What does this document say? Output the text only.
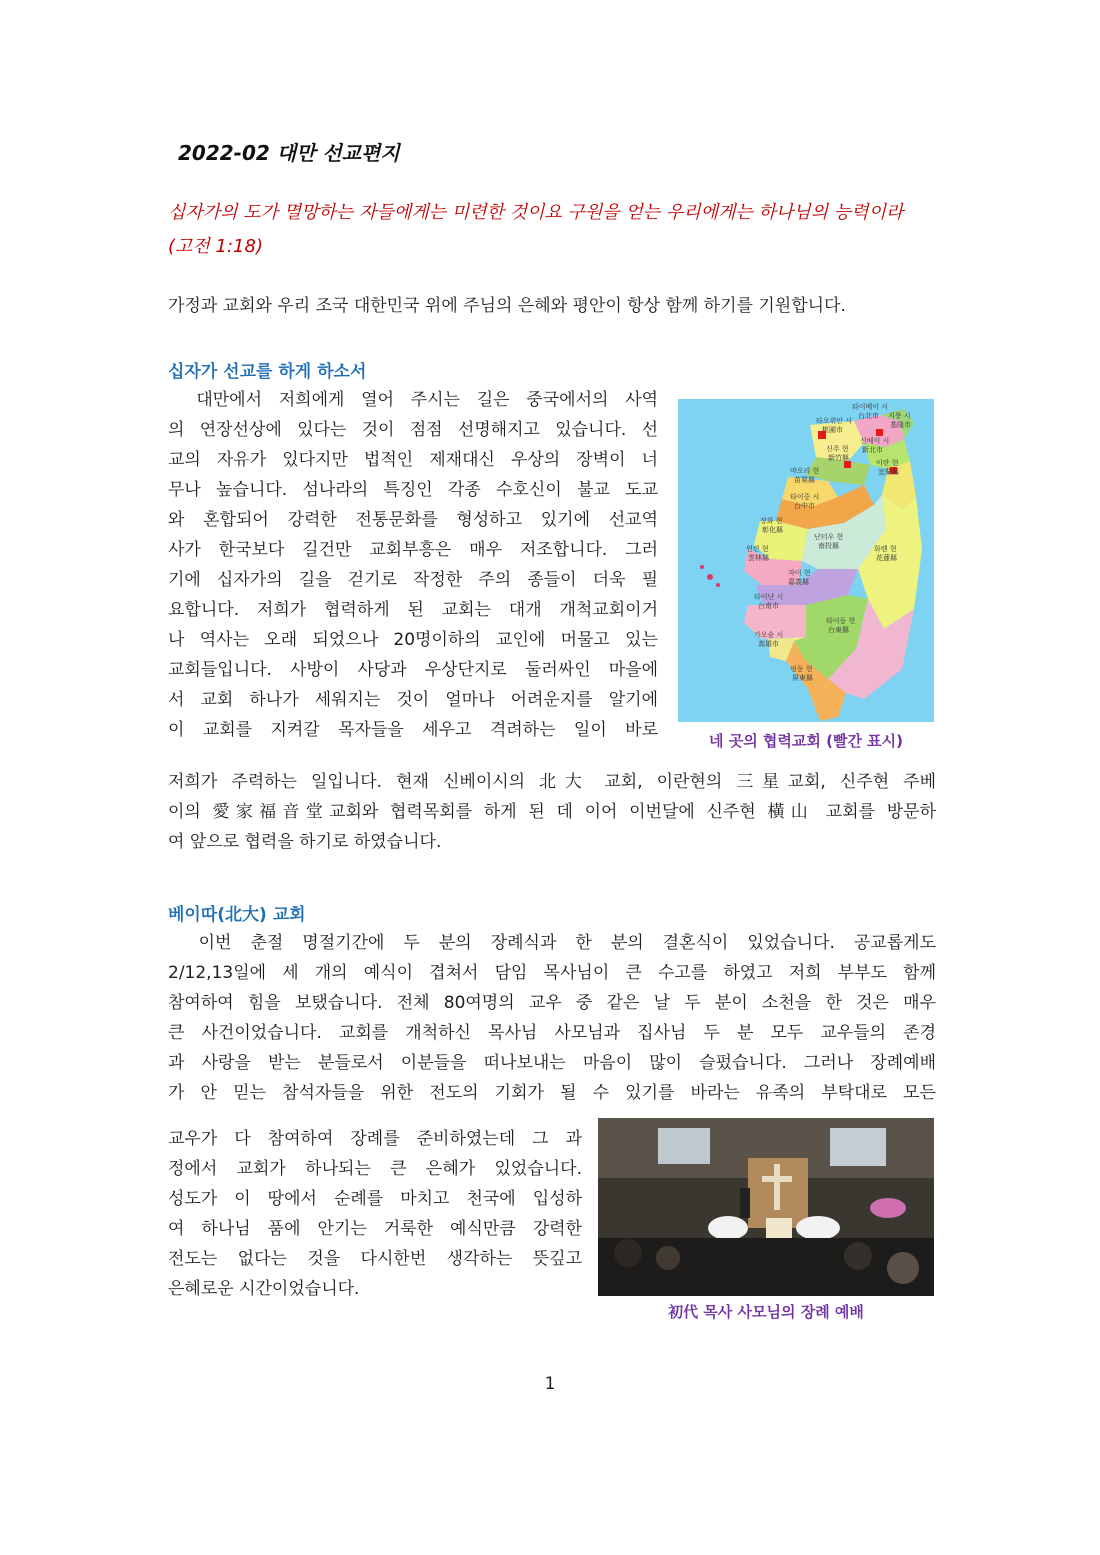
2022-02 대만 선교편지
십자가의 도가 멸망하는 자들에게는 미련한 것이요 구원을 얻는 우리에게는 하나님의 능력이라
(고전 1:18)
가정과 교회와 우리 조국 대한민국 위에 주님의 은혜와 평안이 항상 함께 하기를 기원합니다.
십자가 선교를 하게 하소서
　대만에서 저희에게 열어 주시는 길은 중국에서의 사역
의 연장선상에 있다는 것이 점점 선명해지고 있습니다. 선
교의 자유가 있다지만 법적인 제재대신 우상의 장벽이 너
무나 높습니다. 섬나라의 특징인 각종 수호신이 불교 도교
와 혼합되어 강력한 전통문화를 형성하고 있기에 선교역
사가 한국보다 길건만 교회부흥은 매우 저조합니다. 그러
기에 십자가의 길을 걷기로 작정한 주의 종들이 더욱 필
요합니다. 저희가 협력하게 된 교회는 대개 개척교회이거
나 역사는 오래 되었으나 20명이하의 교인에 머물고 있는
교회들입니다. 사방이 사당과 우상단지로 둘러싸인 마을에
서 교회 하나가 세워지는 것이 얼마나 어려운지를 알기에
이 교회를 지켜갈 목자들을 세우고 격려하는 일이 바로
저희가 주력하는 일입니다. 현재 신베이시의 北大 교회, 이란현의 三星교회, 신주현 주베
이의 愛家福音堂교회와 협력목회를 하게 된 데 이어 이번달에 신주현 橫山 교회를 방문하
여 앞으로 협력을 하기로 하였습니다.
타이베이 시
台北市 지룽 시
基隆市
타오위안 시
桃園市
신베이 시
新北市
신주 현
新竹縣
이란 현
宜蘭縣
먀오리 현
苗栗縣
타이중 시
台中市
장화 현
彰化縣
난터우 현
南投縣	화롄 현
花蓮縣
윈린 현
雲林縣
자이 현
嘉義縣
타이난 시
台南市
가오슝 시
高雄市
타이둥 현
台東縣
핑둥 현
屏東縣
네 곳의 협력교회 (빨간 표시)
베이따(北大) 교회
　이번 춘절 명절기간에 두 분의 장례식과 한 분의 결혼식이 있었습니다. 공교롭게도
2/12,13일에 세 개의 예식이 겹쳐서 담임 목사님이 큰 수고를 하였고 저희 부부도 함께
참여하여 힘을 보탰습니다. 전체 80여명의 교우 중 같은 날 두 분이 소천을 한 것은 매우
큰 사건이었습니다. 교회를 개척하신 목사님 사모님과 집사님 두 분 모두 교우들의 존경
과 사랑을 받는 분들로서 이분들을 떠나보내는 마음이 많이 슬펐습니다. 그러나 장례예배
가 안 믿는 참석자들을 위한 전도의 기회가 될 수 있기를 바라는 유족의 부탁대로 모든
교우가 다 참여하여 장례를 준비하였는데 그 과
정에서 교회가 하나되는 큰 은혜가 있었습니다.
성도가 이 땅에서 순례를 마치고 천국에 입성하
여 하나님 품에 안기는 거룩한 예식만큼 강력한
전도는 없다는 것을 다시한번 생각하는 뜻깊고
은혜로운 시간이었습니다.
初代 목사 사모님의 장례 예배
1
